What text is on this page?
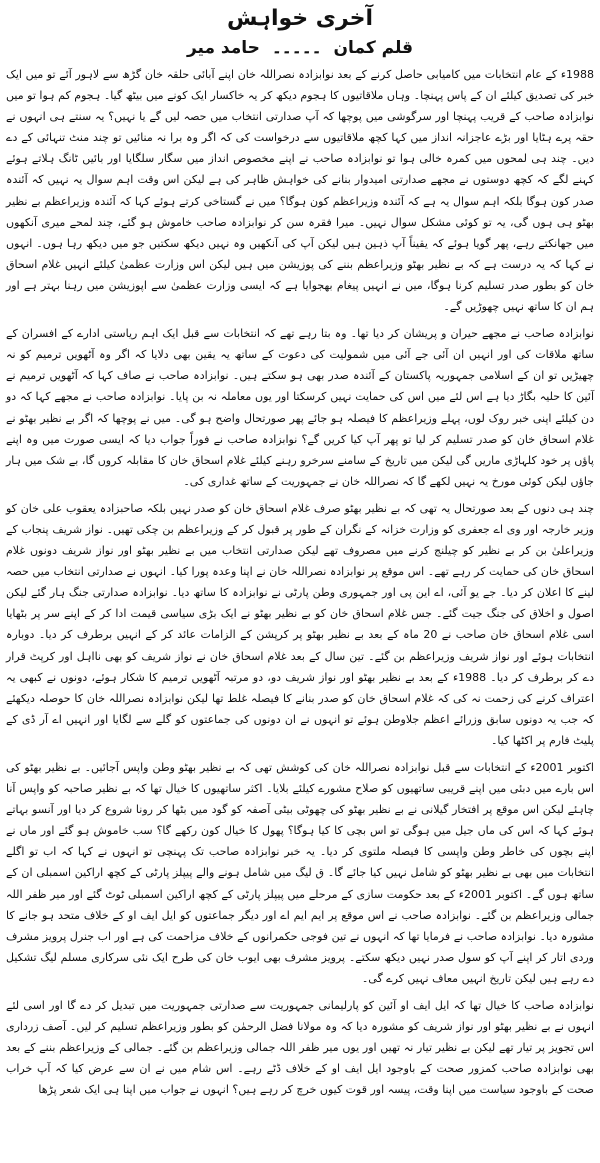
آخری خواہش
قلم کمان ۔۔۔۔۔ حامد میر

1988ء کے عام انتخابات میں کامیابی حاصل کرنے کے بعد نوابزادہ نصراللہ خان اپنے آبائی حلقہ خان گڑھ سے لاہور آئے تو میں ایک خبر کی تصدیق کیلئے ان کے پاس پہنچا۔ وہاں ملاقاتیوں کا ہجوم دیکھ کر یہ خاکسار ایک کونے میں بیٹھ گیا۔ ہجوم کم ہوا تو میں نوابزادہ صاحب کے قریب پہنچا اور سرگوشی میں پوچھا کہ آپ صدارتی انتخاب میں حصہ لیں گے یا نہیں؟ یہ سنتے ہی انہوں نے حقہ پرے ہٹایا اور بڑے عاجزانہ انداز میں کہا کچھ ملاقاتیوں سے درخواست کی کہ اگر وہ برا نہ منائیں تو چند منٹ تنہائی کے دے دیں۔ چند ہی لمحوں میں کمرہ خالی ہوا تو نوابزادہ صاحب نے اپنے مخصوص انداز میں سگار سلگایا اور بائیں ٹانگ ہلاتے ہوئے کہنے لگے کہ کچھ دوستوں نے مجھے صدارتی امیدوار بنانے کی خواہش ظاہر کی ہے لیکن اس وقت اہم سوال یہ نہیں کہ آئندہ صدر کون ہوگا بلکہ اہم سوال یہ ہے کہ آئندہ وزیراعظم کون ہوگا؟ میں نے گستاخی کرتے ہوئے کہا کہ آئندہ وزیراعظم بے نظیر بھٹو ہی ہوں گی، یہ تو کوئی مشکل سوال نہیں۔ میرا فقرہ سن کر نوابزادہ صاحب خاموش ہو گئے، چند لمحے میری آنکھوں میں جھانکتے رہے، پھر گویا ہوئے کہ یقیناً آپ ذہین ہیں لیکن آپ کی آنکھیں وہ نہیں دیکھ سکتیں جو میں دیکھ رہا ہوں۔ انہوں نے کہا کہ یہ درست ہے کہ بے نظیر بھٹو وزیراعظم بننے کی پوزیشن میں ہیں لیکن اس وزارت عظمیٰ کیلئے انہیں غلام اسحاق خان کو بطور صدر تسلیم کرنا ہوگا، میں نے انہیں پیغام بھجوایا ہے کہ ایسی وزارت عظمیٰ سے اپوزیشن میں رہنا بہتر ہے اور ہم ان کا ساتھ نہیں چھوڑیں گے۔

نوابزادہ صاحب نے مجھے حیران و پریشان کر دیا تھا۔ وہ بتا رہے تھے کہ انتخابات سے قبل ایک اہم ریاستی ادارے کے افسران کے ساتھ ملاقات کی اور انہیں ان آئی جے آئی میں شمولیت کی دعوت کے ساتھ یہ یقین بھی دلایا کہ اگر وہ آٹھویں ترمیم کو نہ چھیڑیں تو ان کے اسلامی جمہوریہ پاکستان کے آئندہ صدر بھی ہو سکتے ہیں۔ نوابزادہ صاحب نے صاف کہا کہ آٹھویں ترمیم نے آئین کا حلیہ بگاڑ دیا ہے اس لئے میں اس کی حمایت نہیں کرسکتا اور یوں معاملہ نہ بن پایا۔ نوابزادہ صاحب نے مجھے کہا کہ دو دن کیلئے اپنی خبر روک لوں، پہلے وزیراعظم کا فیصلہ ہو جائے پھر صورتحال واضح ہو گی۔ میں نے پوچھا کہ اگر بے نظیر بھٹو نے غلام اسحاق خان کو صدر تسلیم کر لیا تو پھر آپ کیا کریں گے؟ نوابزادہ صاحب نے فوراً جواب دیا کہ ایسی صورت میں وہ اپنے پاؤں پر خود کلہاڑی ماریں گی لیکن میں تاریخ کے سامنے سرخرو رہنے کیلئے غلام اسحاق خان کا مقابلہ کروں گا، بے شک میں ہار جاؤں لیکن کوئی مورخ یہ نہیں لکھے گا کہ نصراللہ خان نے جمہوریت کے ساتھ غداری کی۔

چند ہی دنوں کے بعد صورتحال یہ تھی کہ بے نظیر بھٹو صرف غلام اسحاق خان کو صدر نہیں بلکہ صاحبزادہ یعقوب علی خان کو وزیر خارجہ اور وی اے جعفری کو وزارت خزانہ کے نگران کے طور پر قبول کر کے وزیراعظم بن چکی تھیں۔ نواز شریف پنجاب کے وزیراعلیٰ بن کر بے نظیر کو چیلنج کرنے میں مصروف تھے لیکن صدارتی انتخاب میں بے نظیر بھٹو اور نواز شریف دونوں غلام اسحاق خان کی حمایت کر رہے تھے۔ اس موقع پر نوابزادہ نصراللہ خان نے اپنا وعدہ پورا کیا۔ انہوں نے صدارتی انتخاب میں حصہ لینے کا اعلان کر دیا۔ جے یو آئی، اے این پی اور جمہوری وطن پارٹی نے نوابزادہ کا ساتھ دیا۔ نوابزادہ صدارتی جنگ ہار گئے لیکن اصول و اخلاق کی جنگ جیت گئے۔ جس غلام اسحاق خان کو بے نظیر بھٹو نے ایک بڑی سیاسی قیمت ادا کر کے اپنے سر پر بٹھایا اسی غلام اسحاق خان صاحب نے 20 ماہ کے بعد بے نظیر بھٹو پر کرپشن کے الزامات عائد کر کے انہیں برطرف کر دیا۔ دوبارہ انتخابات ہوئے اور نواز شریف وزیراعظم بن گئے۔ تین سال کے بعد غلام اسحاق خان نے نواز شریف کو بھی نااہل اور کرپٹ قرار دے کر برطرف کر دیا۔ 1988ء کے بعد بے نظیر بھٹو اور نواز شریف دو، دو مرتبہ آٹھویں ترمیم کا شکار ہوئے، دونوں نے کبھی یہ اعتراف کرنے کی زحمت نہ کی کہ غلام اسحاق خان کو صدر بنانے کا فیصلہ غلط تھا لیکن نوابزادہ نصراللہ خان کا حوصلہ دیکھئے کہ جب یہ دونوں سابق وزرائے اعظم جلاوطن ہوئے تو انہوں نے ان دونوں کی جماعتوں کو گلے سے لگایا اور انہیں اے آر ڈی کے پلیٹ فارم پر اکٹھا کیا۔

اکتوبر 2001ء کے انتخابات سے قبل نوابزادہ نصراللہ خان کی کوشش تھی کہ بے نظیر بھٹو وطن واپس آجائیں۔ بے نظیر بھٹو کی اس بارے میں دبئی میں اپنے قریبی ساتھیوں کو صلاح مشورے کیلئے بلایا۔ اکثر ساتھیوں کا خیال تھا کہ بے نظیر صاحبہ کو واپس آنا چاہئے لیکن اس موقع پر افتخار گیلانی نے بے نظیر بھٹو کی چھوٹی بیٹی آصفہ کو گود میں بٹھا کر رونا شروع کر دیا اور آنسو بہاتے ہوئے کہا کہ اس کی ماں جیل میں ہوگی تو اس بچی کا کیا ہوگا؟ پھول کا خیال کون رکھے گا؟ سب خاموش ہو گئے اور ماں نے اپنے بچوں کی خاطر وطن واپسی کا فیصلہ ملتوی کر دیا۔ یہ خبر نوابزادہ صاحب تک پہنچی تو انہوں نے کہا کہ اب تو اگلے انتخابات میں بھی بے نظیر بھٹو کو شامل نہیں کیا جائے گا۔ ق لیگ میں شامل ہونے والے پیپلز پارٹی کے کچھ اراکین اسمبلی ان کے ساتھ ہوں گے۔ اکتوبر 2001ء کے بعد حکومت سازی کے مرحلے میں پیپلز پارٹی کے کچھ اراکین اسمبلی ٹوٹ گئے اور میر ظفر اللہ جمالی وزیراعظم بن گئے۔ نوابزادہ صاحب نے اس موقع پر ایم ایم اے اور دیگر جماعتوں کو ایل ایف او کے خلاف متحد ہو جانے کا مشورہ دیا۔ نوابزادہ صاحب نے فرمایا تھا کہ انہوں نے تین فوجی حکمرانوں کے خلاف مزاحمت کی ہے اور اب جنرل پرویز مشرف وردی اتار کر اپنے آپ کو سول صدر نہیں دیکھ سکتے۔ پرویز مشرف بھی ایوب خان کی طرح ایک نئی سرکاری مسلم لیگ تشکیل دے رہے ہیں لیکن تاریخ انہیں معاف نہیں کرے گی۔

نوابزادہ صاحب کا خیال تھا کہ ایل ایف او آئین کو پارلیمانی جمہوریت سے صدارتی جمہوریت میں تبدیل کر دے گا اور اسی لئے انہوں نے بے نظیر بھٹو اور نواز شریف کو مشورہ دیا کہ وہ مولانا فضل الرحمٰن کو بطور وزیراعظم تسلیم کر لیں۔ آصف زرداری اس تجویز پر تیار تھے لیکن بے نظیر تیار نہ تھیں اور یوں میر ظفر اللہ جمالی وزیراعظم بن گئے۔ جمالی کے وزیراعظم بننے کے بعد بھی نوابزادہ صاحب کمزور صحت کے باوجود ایل ایف او کے خلاف ڈٹے رہے۔ اس شام میں نے ان سے عرض کیا کہ آپ خراب صحت کے باوجود سیاست میں اپنا وقت، پیسہ اور قوت کیوں خرچ کر رہے ہیں؟ انہوں نے جواب میں اپنا ہی ایک شعر پڑھا
